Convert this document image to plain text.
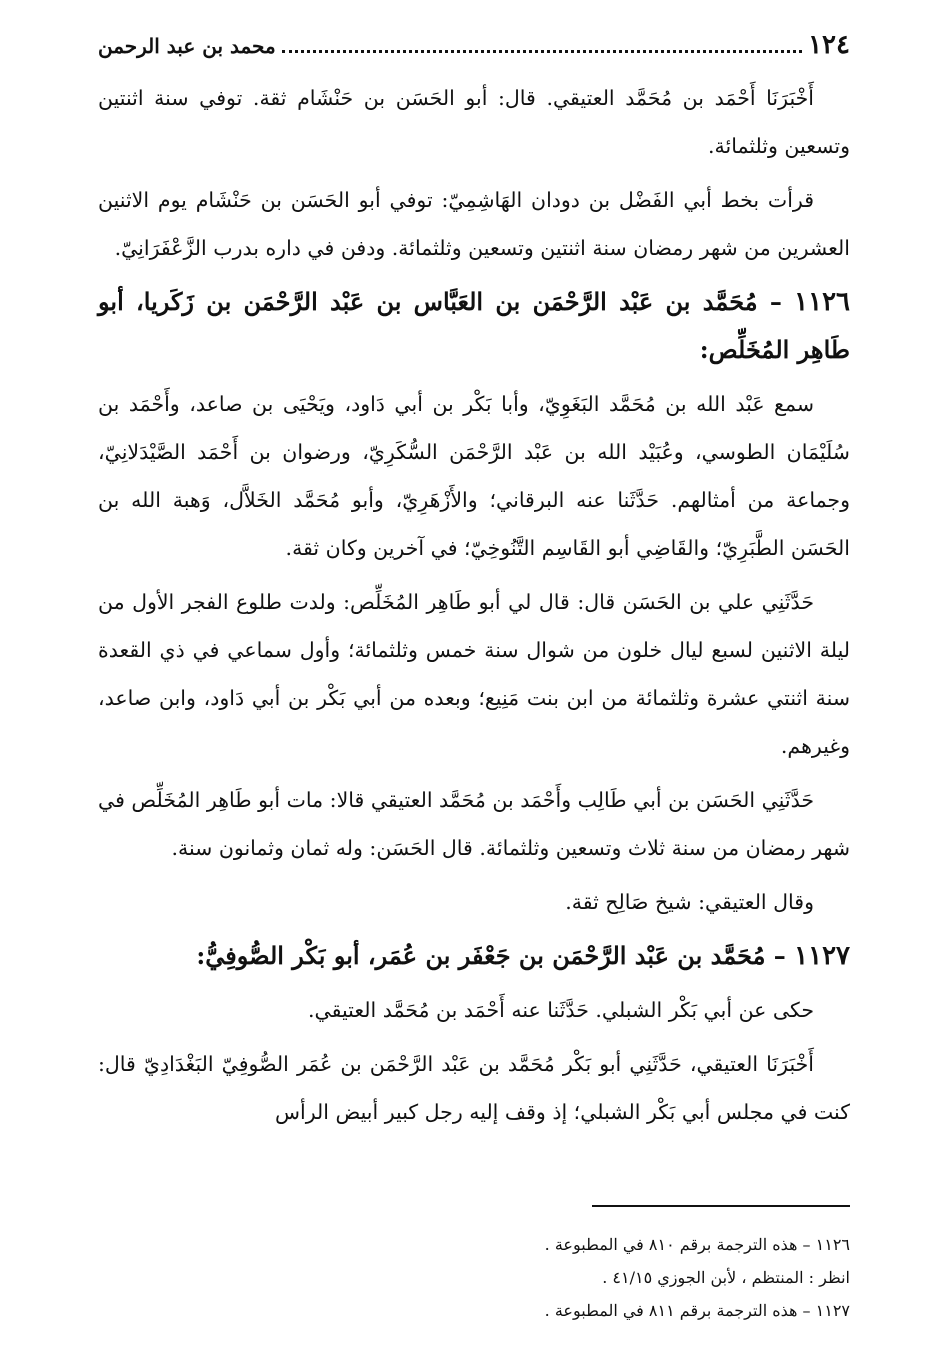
١٢٤
محمد بن عبد الرحمن

أَخْبَرَنَا أَحْمَد بن مُحَمَّد العتيقي. قال: أبو الحَسَن بن حَنْشَام ثقة. توفي سنة اثنتين وتسعين وثلثمائة.

قرأت بخط أبي الفَضْل بن دودان الهَاشِمِيّ: توفي أبو الحَسَن بن حَنْشَام يوم الاثنين العشرين من شهر رمضان سنة اثنتين وتسعين وثلثمائة. ودفن في داره بدرب الزَّعْفَرَانِيّ.

١١٢٦ – مُحَمَّد بن عَبْد الرَّحْمَن بن العَبَّاس بن عَبْد الرَّحْمَن بن زَكَريا، أبو طَاهِر المُخَلِّص:

سمع عَبْد الله بن مُحَمَّد البَغَوِيّ، وأبا بَكْر بن أبي دَاود، ويَحْيَى بن صاعد، وأَحْمَد بن سُلَيْمَان الطوسي، وعُبَيْد الله بن عَبْد الرَّحْمَن السُّكَرِيّ، ورضوان بن أَحْمَد الصَّيْدَلانِيّ، وجماعة من أمثالهم. حَدَّثَنا عنه البرقاني؛ والأَزْهَرِيّ، وأبو مُحَمَّد الخَلاَّل، وَهبة الله بن الحَسَن الطَّبَرِيّ؛ والقَاضِي أبو القَاسِم التَّنُوخِيّ؛ في آخرين وكان ثقة.

حَدَّثَنِي علي بن الحَسَن قال: قال لي أبو طَاهِر المُخَلِّص: ولدت طلوع الفجر الأول من ليلة الاثنين لسبع ليال خلون من شوال سنة خمس وثلثمائة؛ وأول سماعي في ذي القعدة سنة اثنتي عشرة وثلثمائة من ابن بنت مَنِيع؛ وبعده من أبي بَكْر بن أبي دَاود، وابن صاعد، وغيرهم.

حَدَّثَنِي الحَسَن بن أبي طَالِب وأَحْمَد بن مُحَمَّد العتيقي قالا: مات أبو طَاهِر المُخَلِّص في شهر رمضان من سنة ثلاث وتسعين وثلثمائة. قال الحَسَن: وله ثمان وثمانون سنة.

وقال العتيقي: شيخ صَالِح ثقة.

١١٢٧ – مُحَمَّد بن عَبْد الرَّحْمَن بن جَعْفَر بن عُمَر، أبو بَكْر الصُّوفِيُّ:

حكى عن أبي بَكْر الشبلي. حَدَّثَنا عنه أَحْمَد بن مُحَمَّد العتيقي.

أَخْبَرَنَا العتيقي، حَدَّثَنِي أبو بَكْر مُحَمَّد بن عَبْد الرَّحْمَن بن عُمَر الصُّوفِيّ البَغْدَادِيّ قال: كنت في مجلس أبي بَكْر الشبلي؛ إذ وقف إليه رجل كبير أبيض الرأس

١١٢٦ – هذه الترجمة برقم ٨١٠ في المطبوعة .
انظر : المنتظم ، لأبن الجوزي ٤١/١٥ .
١١٢٧ – هذه الترجمة برقم ٨١١ في المطبوعة .
